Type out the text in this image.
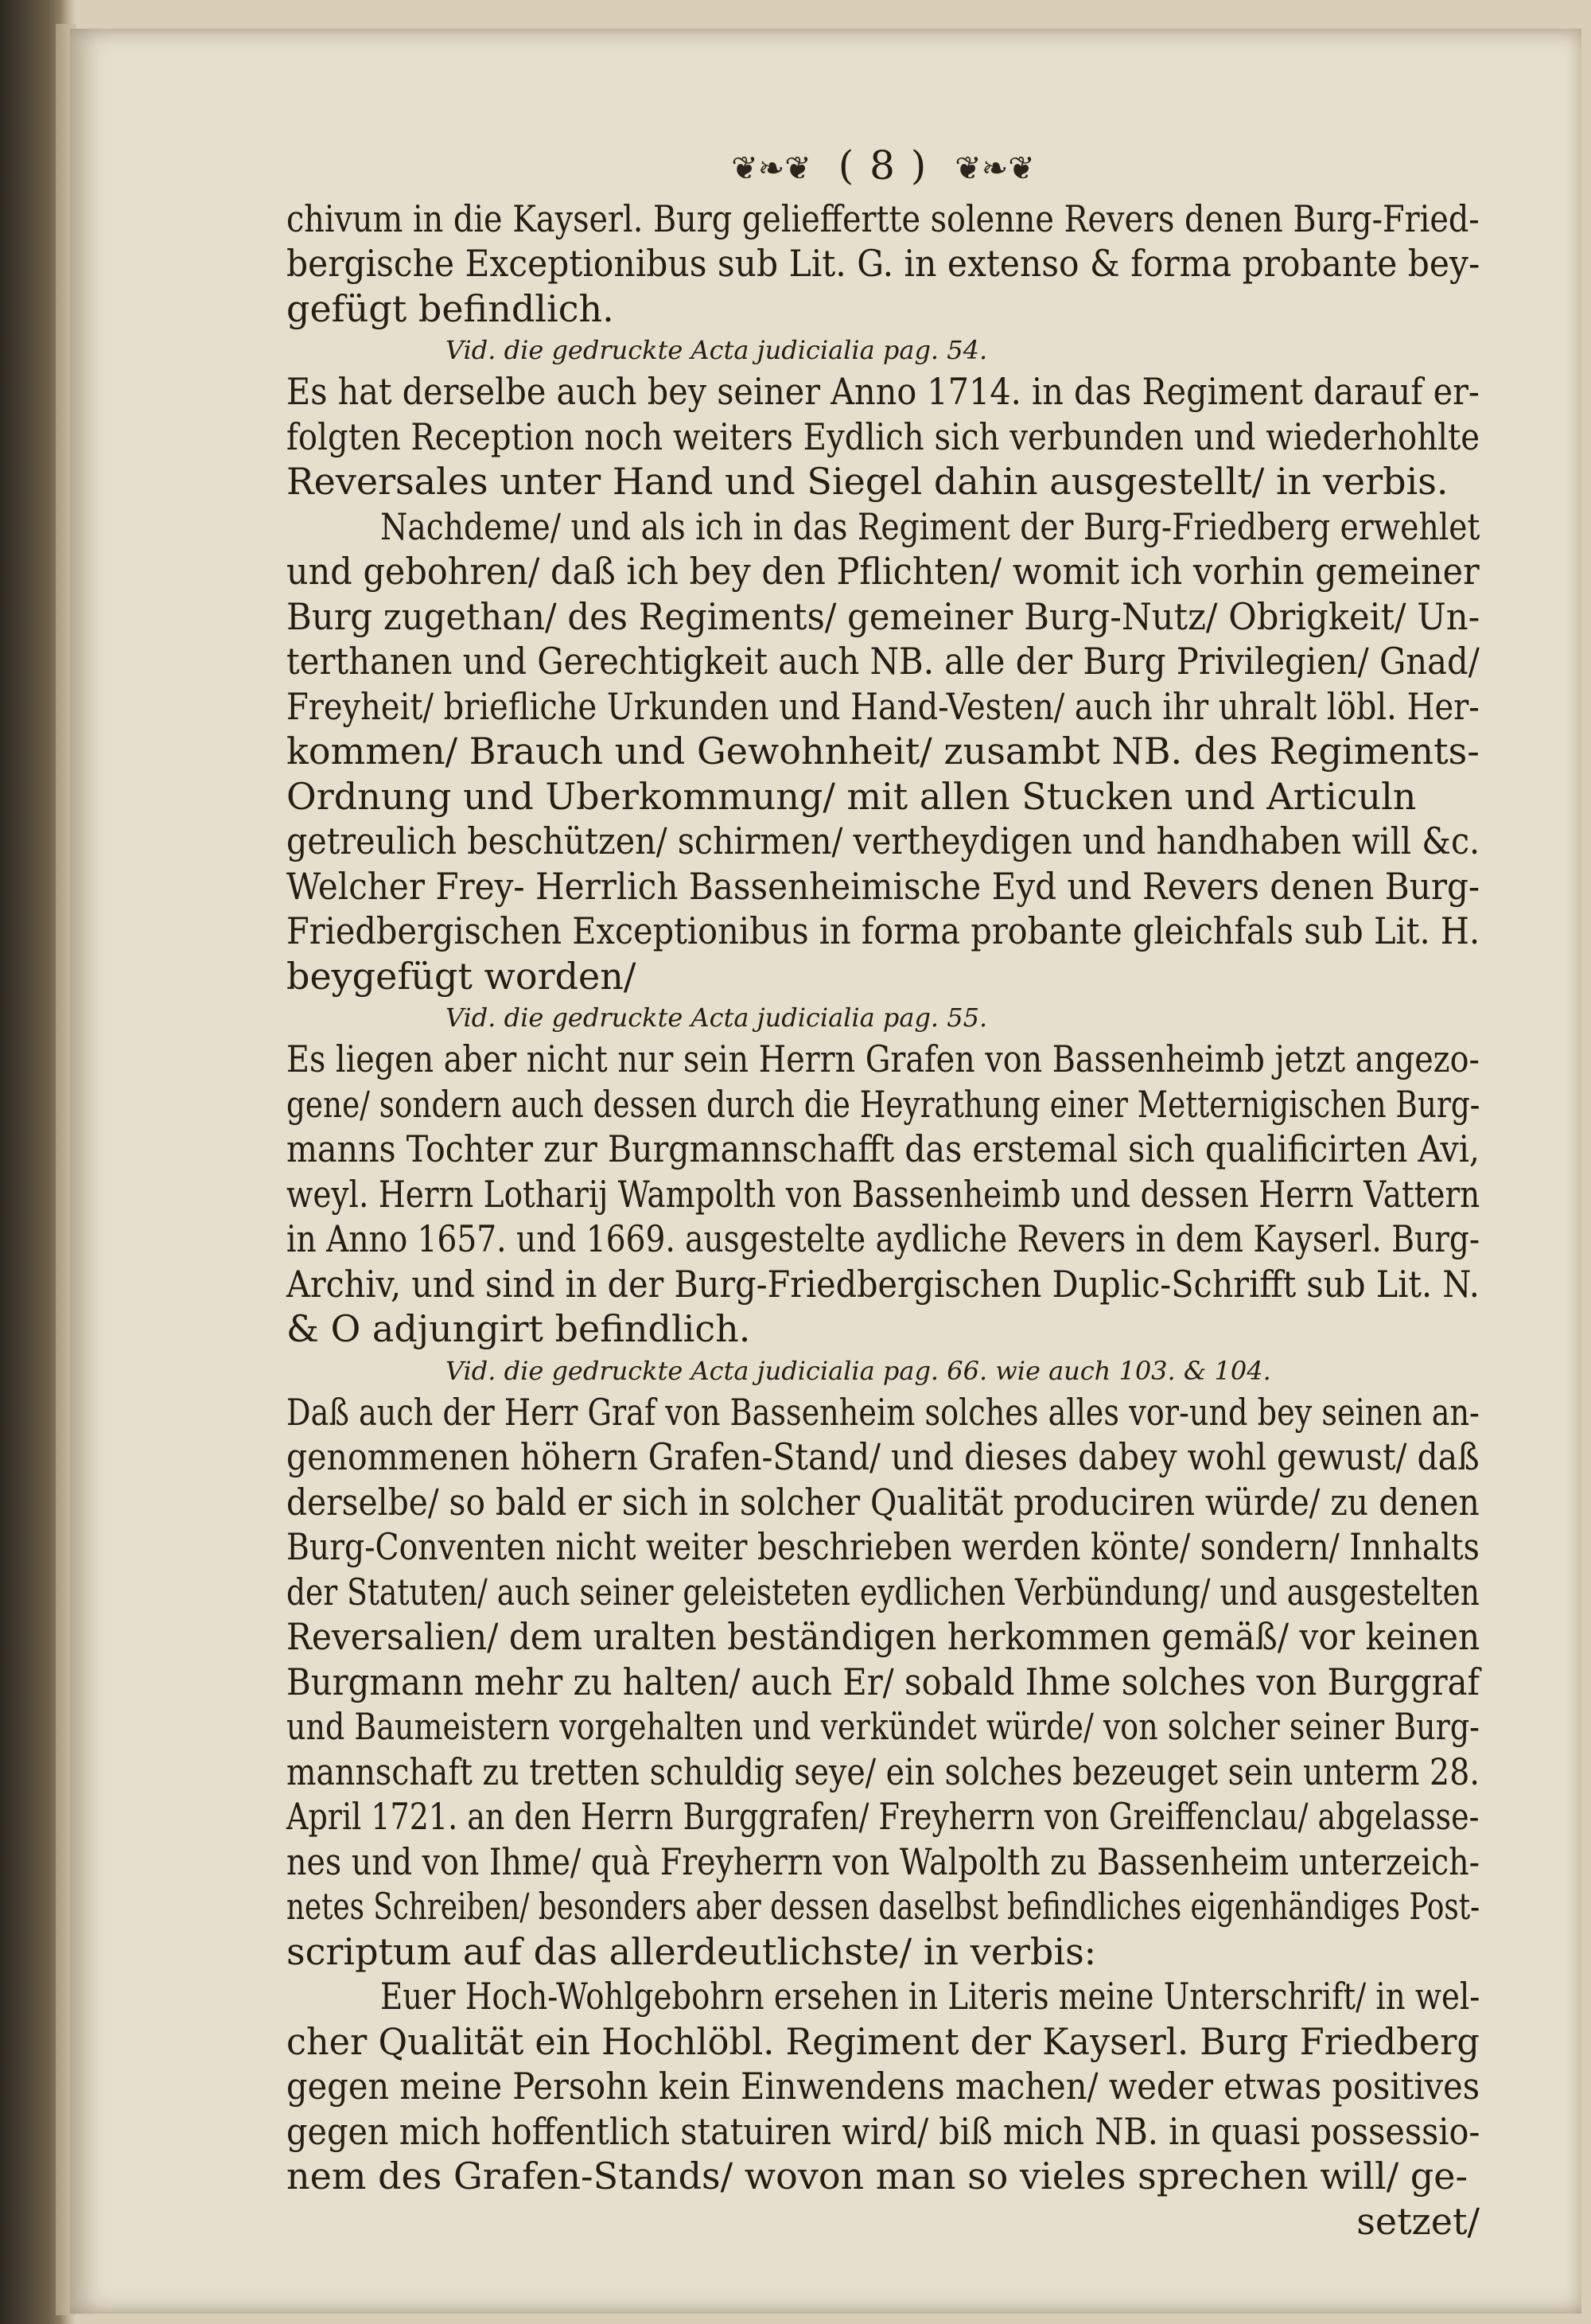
❦❧❦ ( 8 ) ❦❧❦
chivum in die Kayserl. Burg gelieffertte solenne Revers denen Burg-Fried-
bergische Exceptionibus sub Lit. G. in extenso & forma probante bey-
gefügt befindlich.
Vid. die gedruckte Acta judicialia pag. 54.
Es hat derselbe auch bey seiner Anno 1714. in das Regiment darauf er-
folgten Reception noch weiters Eydlich sich verbunden und wiederhohlte
Reversales unter Hand und Siegel dahin ausgestellt/ in verbis.
Nachdeme/ und als ich in das Regiment der Burg-Friedberg erwehlet
und gebohren/ daß ich bey den Pflichten/ womit ich vorhin gemeiner
Burg zugethan/ des Regiments/ gemeiner Burg-Nutz/ Obrigkeit/ Un-
terthanen und Gerechtigkeit auch NB. alle der Burg Privilegien/ Gnad/
Freyheit/ briefliche Urkunden und Hand-Vesten/ auch ihr uhralt löbl. Her-
kommen/ Brauch und Gewohnheit/ zusambt NB. des Regiments-
Ordnung und Uberkommung/ mit allen Stucken und Articuln
getreulich beschützen/ schirmen/ vertheydigen und handhaben will &c.
Welcher Frey- Herrlich Bassenheimische Eyd und Revers denen Burg-
Friedbergischen Exceptionibus in forma probante gleichfals sub Lit. H.
beygefügt worden/
Vid. die gedruckte Acta judicialia pag. 55.
Es liegen aber nicht nur sein Herrn Grafen von Bassenheimb jetzt angezo-
gene/ sondern auch dessen durch die Heyrathung einer Metternigischen Burg-
manns Tochter zur Burgmannschafft das erstemal sich qualificirten Avi,
weyl. Herrn Lotharij Wampolth von Bassenheimb und dessen Herrn Vattern
in Anno 1657. und 1669. ausgestelte aydliche Revers in dem Kayserl. Burg-
Archiv, und sind in der Burg-Friedbergischen Duplic-Schrifft sub Lit. N.
& O adjungirt befindlich.
Vid. die gedruckte Acta judicialia pag. 66. wie auch 103. & 104.
Daß auch der Herr Graf von Bassenheim solches alles vor-und bey seinen an-
genommenen höhern Grafen-Stand/ und dieses dabey wohl gewust/ daß
derselbe/ so bald er sich in solcher Qualität produciren würde/ zu denen
Burg-Conventen nicht weiter beschrieben werden könte/ sondern/ Innhalts
der Statuten/ auch seiner geleisteten eydlichen Verbündung/ und ausgestelten
Reversalien/ dem uralten beständigen herkommen gemäß/ vor keinen
Burgmann mehr zu halten/ auch Er/ sobald Ihme solches von Burggraf
und Baumeistern vorgehalten und verkündet würde/ von solcher seiner Burg-
mannschaft zu tretten schuldig seye/ ein solches bezeuget sein unterm 28.
April 1721. an den Herrn Burggrafen/ Freyherrn von Greiffenclau/ abgelasse-
nes und von Ihme/ quà Freyherrn von Walpolth zu Bassenheim unterzeich-
netes Schreiben/ besonders aber dessen daselbst befindliches eigenhändiges Post-
scriptum auf das allerdeutlichste/ in verbis:
Euer Hoch-Wohlgebohrn ersehen in Literis meine Unterschrift/ in wel-
cher Qualität ein Hochlöbl. Regiment der Kayserl. Burg Friedberg
gegen meine Persohn kein Einwendens machen/ weder etwas positives
gegen mich hoffentlich statuiren wird/ biß mich NB. in quasi possessio-
nem des Grafen-Stands/ wovon man so vieles sprechen will/ ge-
setzet/
